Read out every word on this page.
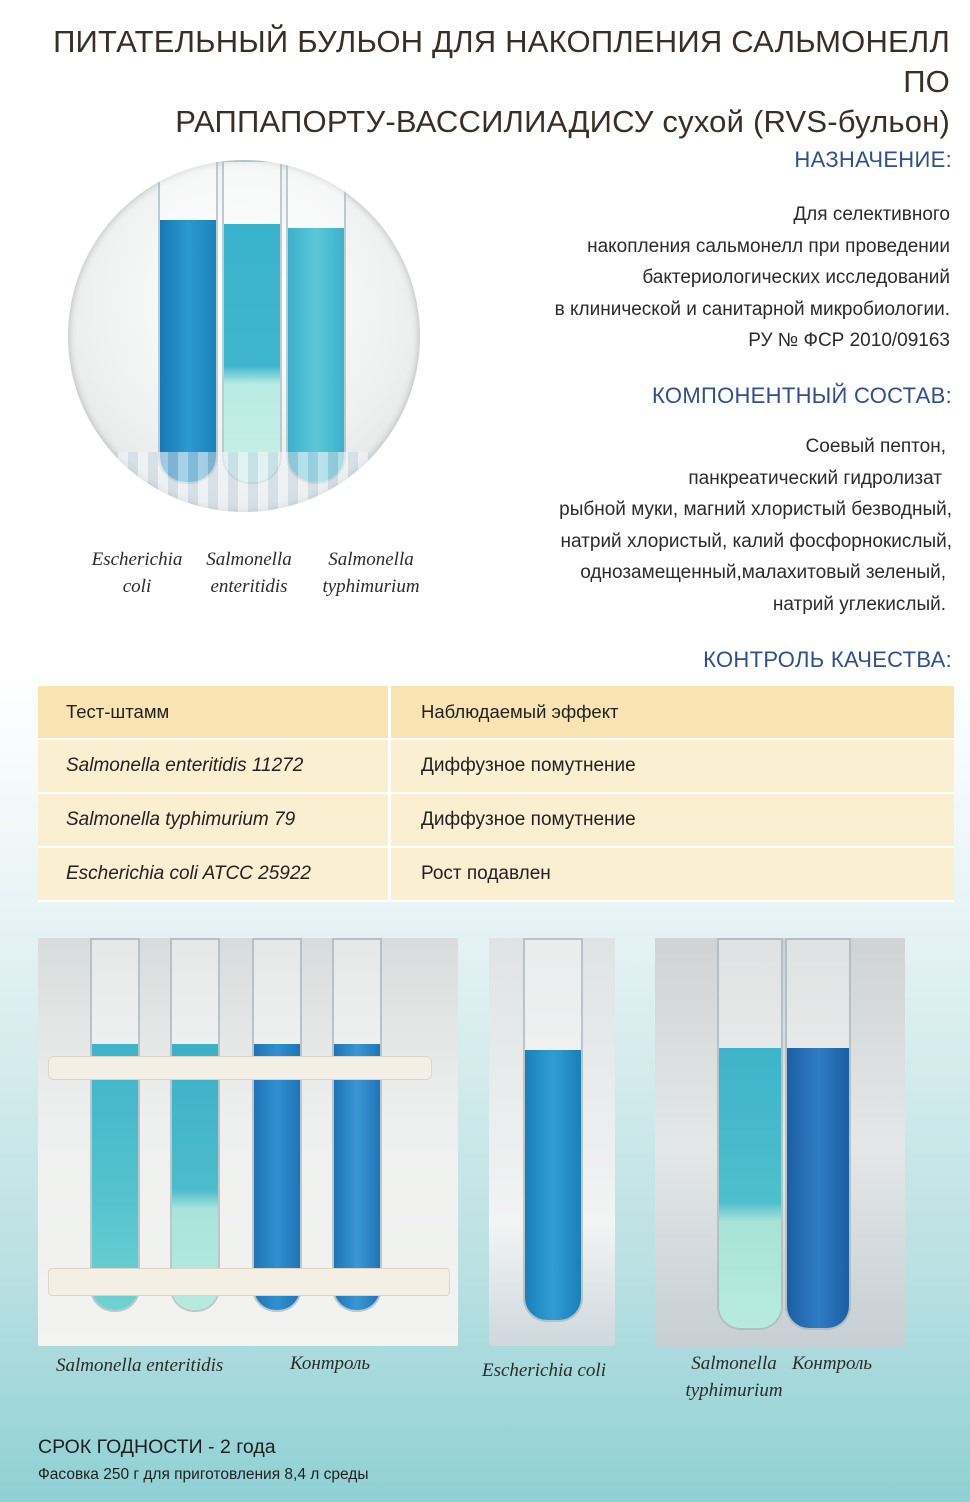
ПИТАТЕЛЬНЫЙ БУЛЬОН ДЛЯ НАКОПЛЕНИЯ САЛЬМОНЕЛЛ ПО
РАППАПОРТУ-ВАССИЛИАДИСУ сухой (RVS-бульон)
НАЗНАЧЕНИЕ:
Для селективного
накопления сальмонелл при проведении
бактериологических исследований
в клинической и санитарной микробиологии.
РУ № ФСР 2010/09163
КОМПОНЕНТНЫЙ СОСТАВ:
Соевый пептон,
панкреатический гидролизат
рыбной муки, магний хлористый безводный,
натрий хлористый, калий фосфорнокислый,
однозамещенный,малахитовый зеленый,
натрий углекислый.
Escherichia
coli
Salmonella
enteritidis
Salmonella
typhimurium
КОНТРОЛЬ КАЧЕСТВА:
Тест-штамм	Наблюдаемый эффект
Salmonella enteritidis 11272	Диффузное помутнение
Salmonella typhimurium 79	Диффузное помутнение
Escherichia coli ATCC 25922	Рост подавлен
Salmonella enteritidis	Контроль	Escherichia coli	Salmonella
typhimurium
Контроль
СРОК ГОДНОСТИ - 2 года
Фасовка 250 г для приготовления 8,4 л среды
